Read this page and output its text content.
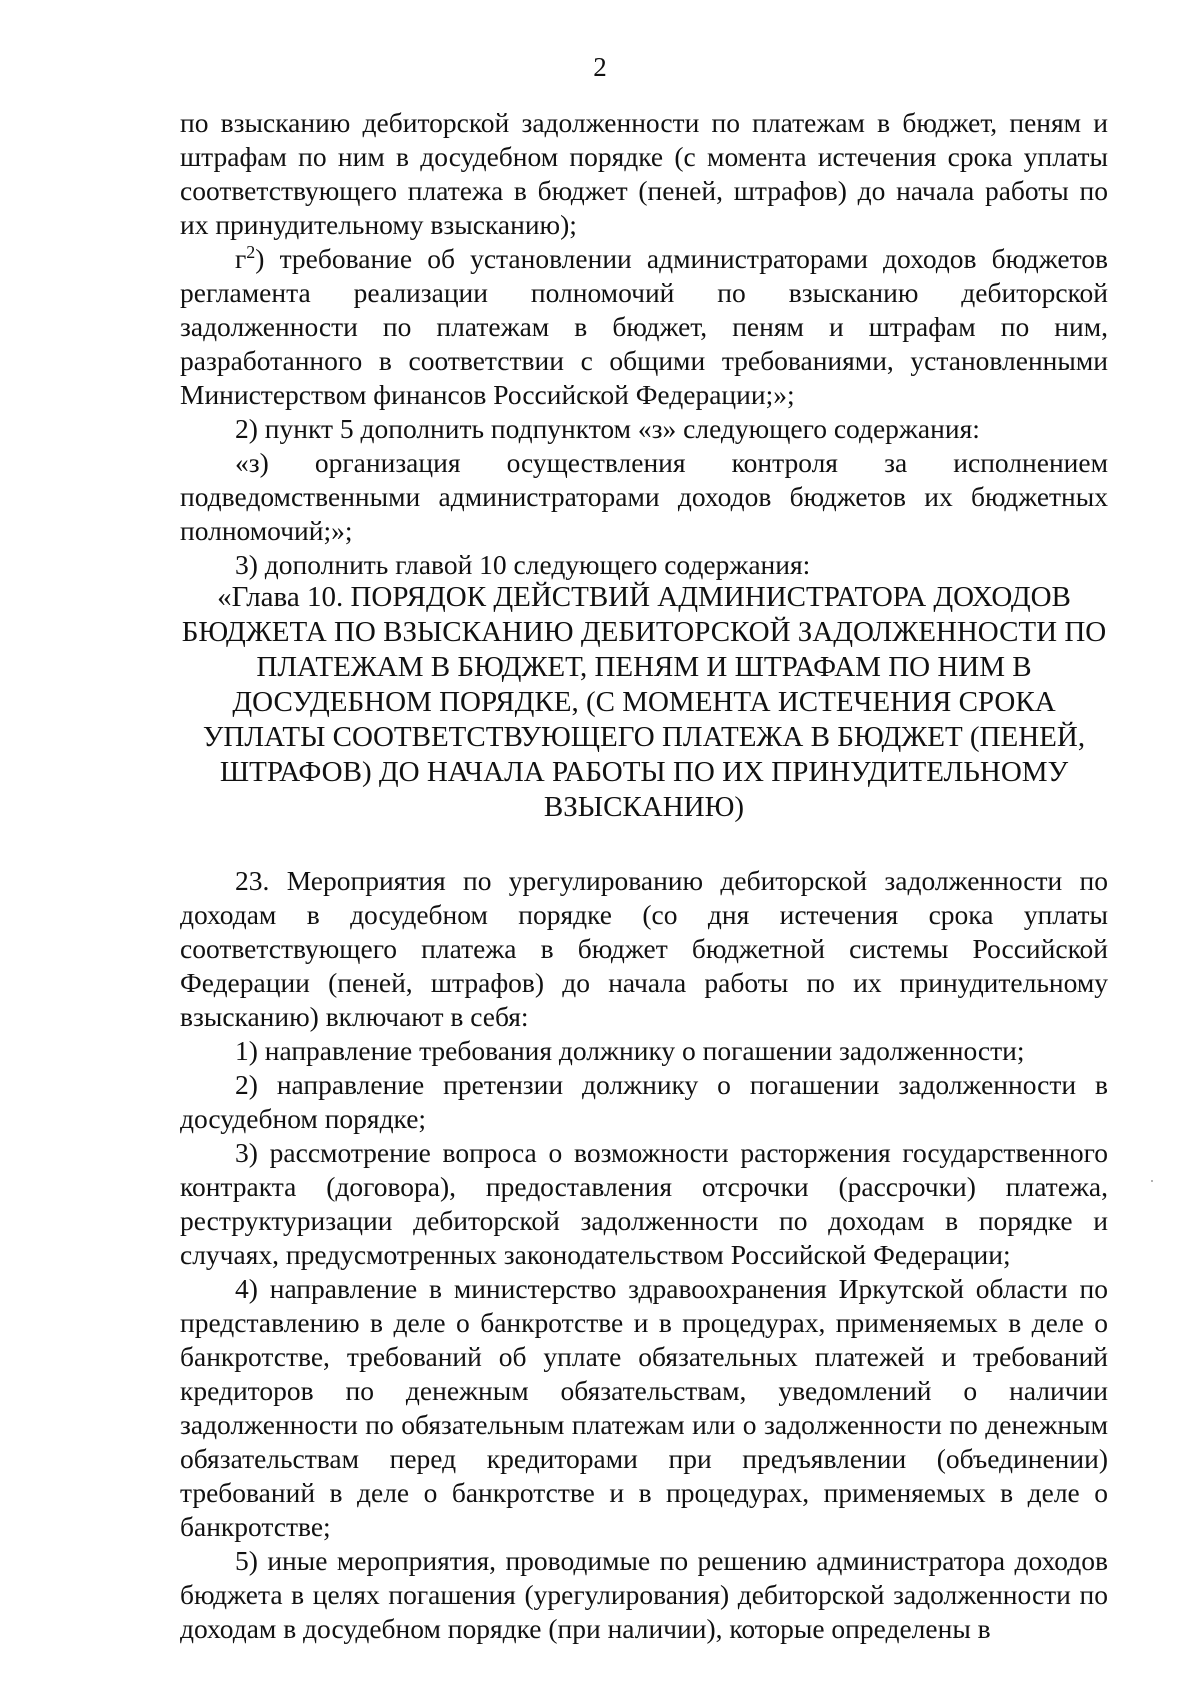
2

по взысканию дебиторской задолженности по платежам в бюджет, пеням и штрафам по ним в досудебном порядке (с момента истечения срока уплаты соответствующего платежа в бюджет (пеней, штрафов) до начала работы по их принудительному взысканию);

$г^2$) требование об установлении администраторами доходов бюджетов регламента реализации полномочий по взысканию дебиторской задолженности по платежам в бюджет, пеням и штрафам по ним, разработанного в соответствии с общими требованиями, установленными Министерством финансов Российской Федерации;»;

2) пункт 5 дополнить подпунктом «з» следующего содержания:

«з) организация осуществления контроля за исполнением подведомственными администраторами доходов бюджетов их бюджетных полномочий;»;

3) дополнить главой 10 следующего содержания:

«Глава 10. ПОРЯДОК ДЕЙСТВИЙ АДМИНИСТРАТОРА ДОХОДОВ БЮДЖЕТА ПО ВЗЫСКАНИЮ ДЕБИТОРСКОЙ ЗАДОЛЖЕННОСТИ ПО ПЛАТЕЖАМ В БЮДЖЕТ, ПЕНЯМ И ШТРАФАМ ПО НИМ В ДОСУДЕБНОМ ПОРЯДКЕ, (С МОМЕНТА ИСТЕЧЕНИЯ СРОКА УПЛАТЫ СООТВЕТСТВУЮЩЕГО ПЛАТЕЖА В БЮДЖЕТ (ПЕНЕЙ, ШТРАФОВ) ДО НАЧАЛА РАБОТЫ ПО ИХ ПРИНУДИТЕЛЬНОМУ ВЗЫСКАНИЮ)

23. Мероприятия по урегулированию дебиторской задолженности по доходам в досудебном порядке (со дня истечения срока уплаты соответствующего платежа в бюджет бюджетной системы Российской Федерации (пеней, штрафов) до начала работы по их принудительному взысканию) включают в себя:

1) направление требования должнику о погашении задолженности;

2) направление претензии должнику о погашении задолженности в досудебном порядке;

3) рассмотрение вопроса о возможности расторжения государственного контракта (договора), предоставления отсрочки (рассрочки) платежа, реструктуризации дебиторской задолженности по доходам в порядке и случаях, предусмотренных законодательством Российской Федерации;

4) направление в министерство здравоохранения Иркутской области по представлению в деле о банкротстве и в процедурах, применяемых в деле о банкротстве, требований об уплате обязательных платежей и требований кредиторов по денежным обязательствам, уведомлений о наличии задолженности по обязательным платежам или о задолженности по денежным обязательствам перед кредиторами при предъявлении (объединении) требований в деле о банкротстве и в процедурах, применяемых в деле о банкротстве;

5) иные мероприятия, проводимые по решению администратора доходов бюджета в целях погашения (урегулирования) дебиторской задолженности по доходам в досудебном порядке (при наличии), которые определены в
